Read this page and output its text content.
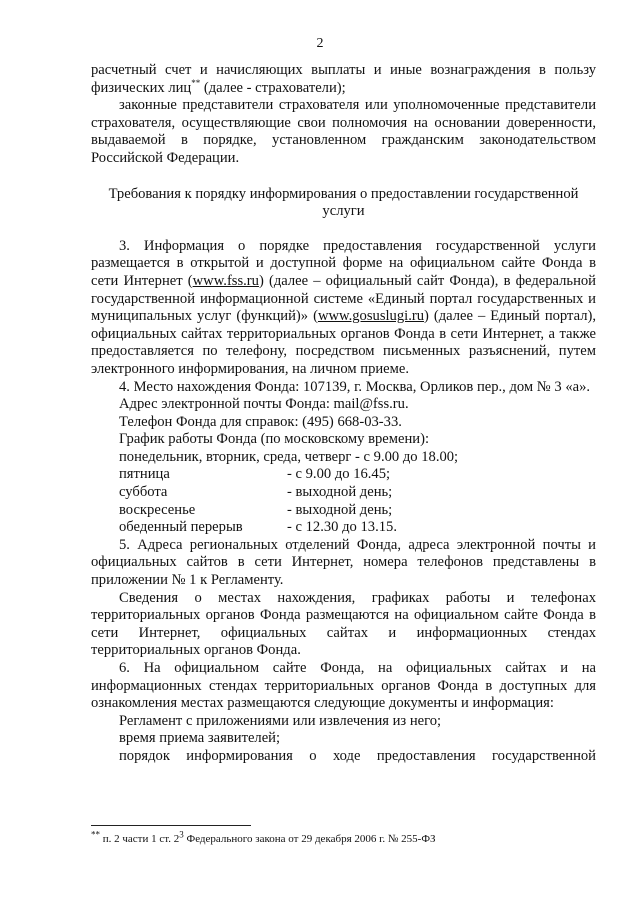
2

расчетный счет и начисляющих выплаты и иные вознаграждения в пользу физических лиц** (далее - страхователи);

законные представители страхователя или уполномоченные представители страхователя, осуществляющие свои полномочия на основании доверенности, выдаваемой в порядке, установленном гражданским законодательством Российской Федерации.

Требования к порядку информирования о предоставлении государственной услуги

3. Информация о порядке предоставления государственной услуги размещается в открытой и доступной форме на официальном сайте Фонда в сети Интернет (www.fss.ru) (далее – официальный сайт Фонда), в федеральной государственной информационной системе «Единый портал государственных и муниципальных услуг (функций)» (www.gosuslugi.ru) (далее – Единый портал), официальных сайтах территориальных органов Фонда в сети Интернет, а также предоставляется по телефону, посредством письменных разъяснений, путем электронного информирования, на личном приеме.

4. Место нахождения Фонда: 107139, г. Москва, Орликов пер., дом № 3 «а».

Адрес электронной почты Фонда: mail@fss.ru.

Телефон Фонда для справок: (495) 668-03-33.

График работы Фонда (по московскому времени):

понедельник, вторник, среда, четверг - с 9.00 до 18.00;

пятница	- с 9.00 до 16.45;
суббота	- выходной день;
воскресенье	- выходной день;
обеденный перерыв	- с 12.30 до 13.15.

5. Адреса региональных отделений Фонда, адреса электронной почты и официальных сайтов в сети Интернет, номера телефонов представлены в приложении № 1 к Регламенту.

Сведения о местах нахождения, графиках работы и телефонах территориальных органов Фонда размещаются на официальном сайте Фонда в сети Интернет, официальных сайтах и информационных стендах территориальных органов Фонда.

6. На официальном сайте Фонда, на официальных сайтах и на информационных стендах территориальных органов Фонда в доступных для ознакомления местах размещаются следующие документы и информация:

Регламент с приложениями или извлечения из него;

время приема заявителей;

порядок информирования о ходе предоставления государственной

** п. 2 части 1 ст. $2^3$ Федерального закона от 29 декабря 2006 г. № 255-ФЗ
